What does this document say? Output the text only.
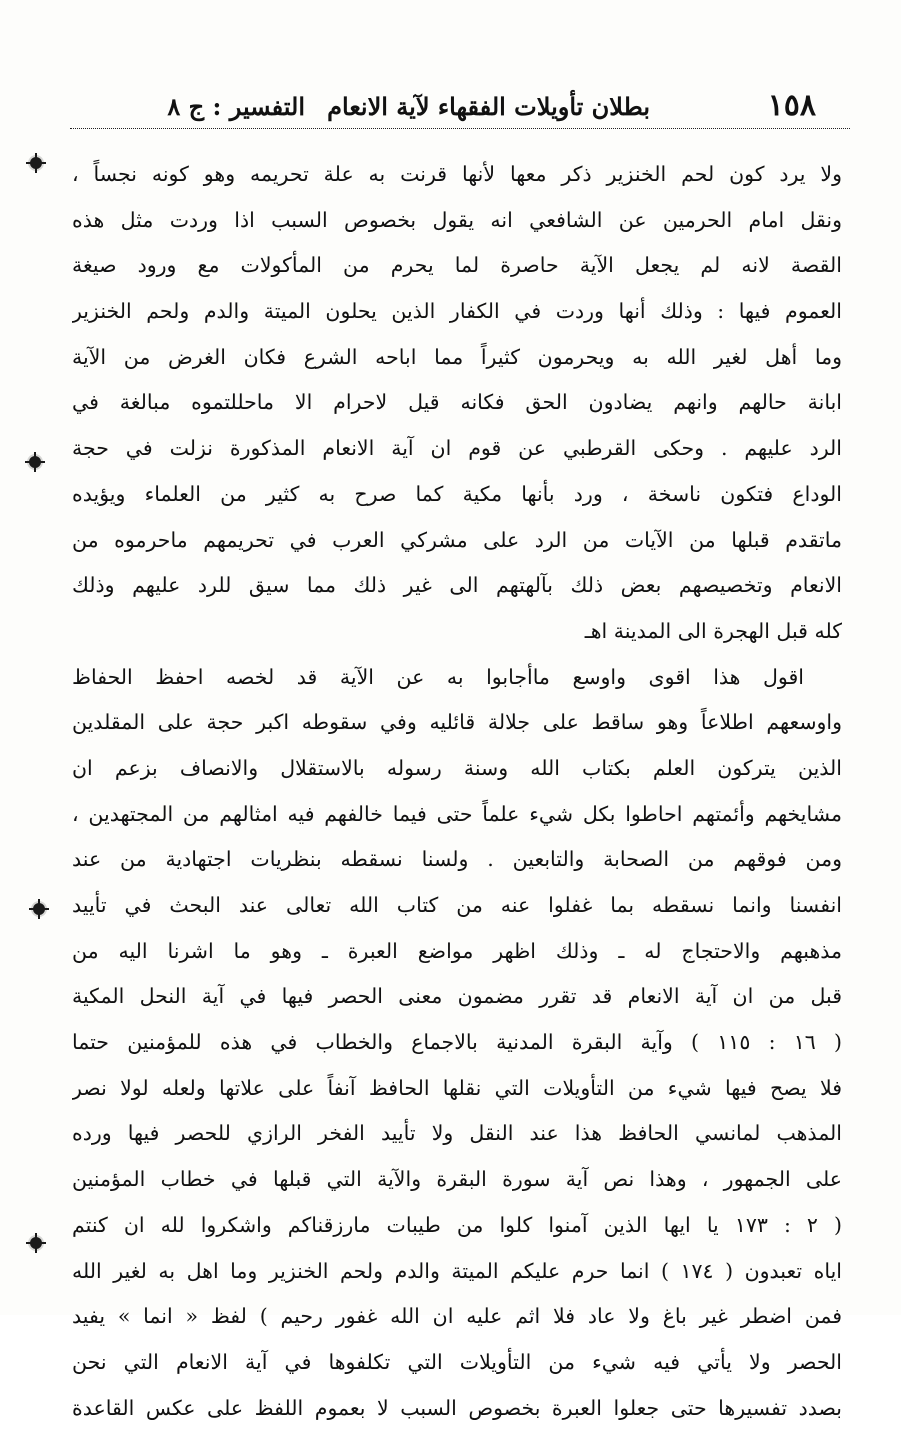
١٥٨
بطلان تأويلات الفقهاء لآية الانعام
التفسير : ج ٨
ولا يرد كون لحم الخنزير ذكر معها لأنها قرنت به علة تحريمه وهو كونه نجساً ،
ونقل امام الحرمين عن الشافعي انه يقول بخصوص السبب اذا وردت مثل هذه
القصة لانه لم يجعل الآية حاصرة لما يحرم من المأكولات مع ورود صيغة
العموم فيها : وذلك أنها وردت في الكفار الذين يحلون الميتة والدم ولحم الخنزير
وما أهل لغير الله به ويحرمون كثيراً مما اباحه الشرع فكان الغرض من الآية
ابانة حالهم وانهم يضادون الحق فكانه قيل لاحرام الا ماحللتموه مبالغة في
الرد عليهم . وحكى القرطبي عن قوم ان آية الانعام المذكورة نزلت في حجة
الوداع فتكون ناسخة ، ورد بأنها مكية كما صرح به كثير من العلماء ويؤيده
ماتقدم قبلها من الآيات من الرد على مشركي العرب في تحريمهم ماحرموه من
الانعام وتخصيصهم بعض ذلك بآلهتهم الى غير ذلك مما سيق للرد عليهم وذلك
كله قبل الهجرة الى المدينة اهـ
اقول هذا اقوى واوسع ماأجابوا به عن الآية قد لخصه احفظ الحفاظ
واوسعهم اطلاعاً وهو ساقط على جلالة قائليه وفي سقوطه اكبر حجة على المقلدين
الذين يتركون العلم بكتاب الله وسنة رسوله بالاستقلال والانصاف بزعم ان
مشايخهم وأئمتهم احاطوا بكل شيء علماً حتى فيما خالفهم فيه امثالهم من المجتهدين ،
ومن فوقهم من الصحابة والتابعين . ولسنا نسقطه بنظريات اجتهادية من عند
انفسنا وانما نسقطه بما غفلوا عنه من كتاب الله تعالى عند البحث في تأييد
مذهبهم والاحتجاج له ـ وذلك اظهر مواضع العبرة ـ وهو ما اشرنا اليه من
قبل من ان آية الانعام قد تقرر مضمون معنى الحصر فيها في آية النحل المكية
( ١٦ : ١١٥ ) وآية البقرة المدنية بالاجماع والخطاب في هذه للمؤمنين حتما
فلا يصح فيها شيء من التأويلات التي نقلها الحافظ آنفاً على علاتها ولعله لولا نصر
المذهب لمانسي الحافظ هذا عند النقل ولا تأييد الفخر الرازي للحصر فيها ورده
على الجمهور ، وهذا نص آية سورة البقرة والآية التي قبلها في خطاب المؤمنين
( ٢ : ١٧٣ يا ايها الذين آمنوا كلوا من طيبات مارزقناكم واشكروا لله ان كنتم
اياه تعبدون ( ١٧٤ ) انما حرم عليكم الميتة والدم ولحم الخنزير وما اهل به لغير الله
فمن اضطر غير باغ ولا عاد فلا اثم عليه ان الله غفور رحيم ) لفظ « انما » يفيد
الحصر ولا يأتي فيه شيء من التأويلات التي تكلفوها في آية الانعام التي نحن
بصدد تفسيرها حتى جعلوا العبرة بخصوص السبب لا بعموم اللفظ على عكس القاعدة
